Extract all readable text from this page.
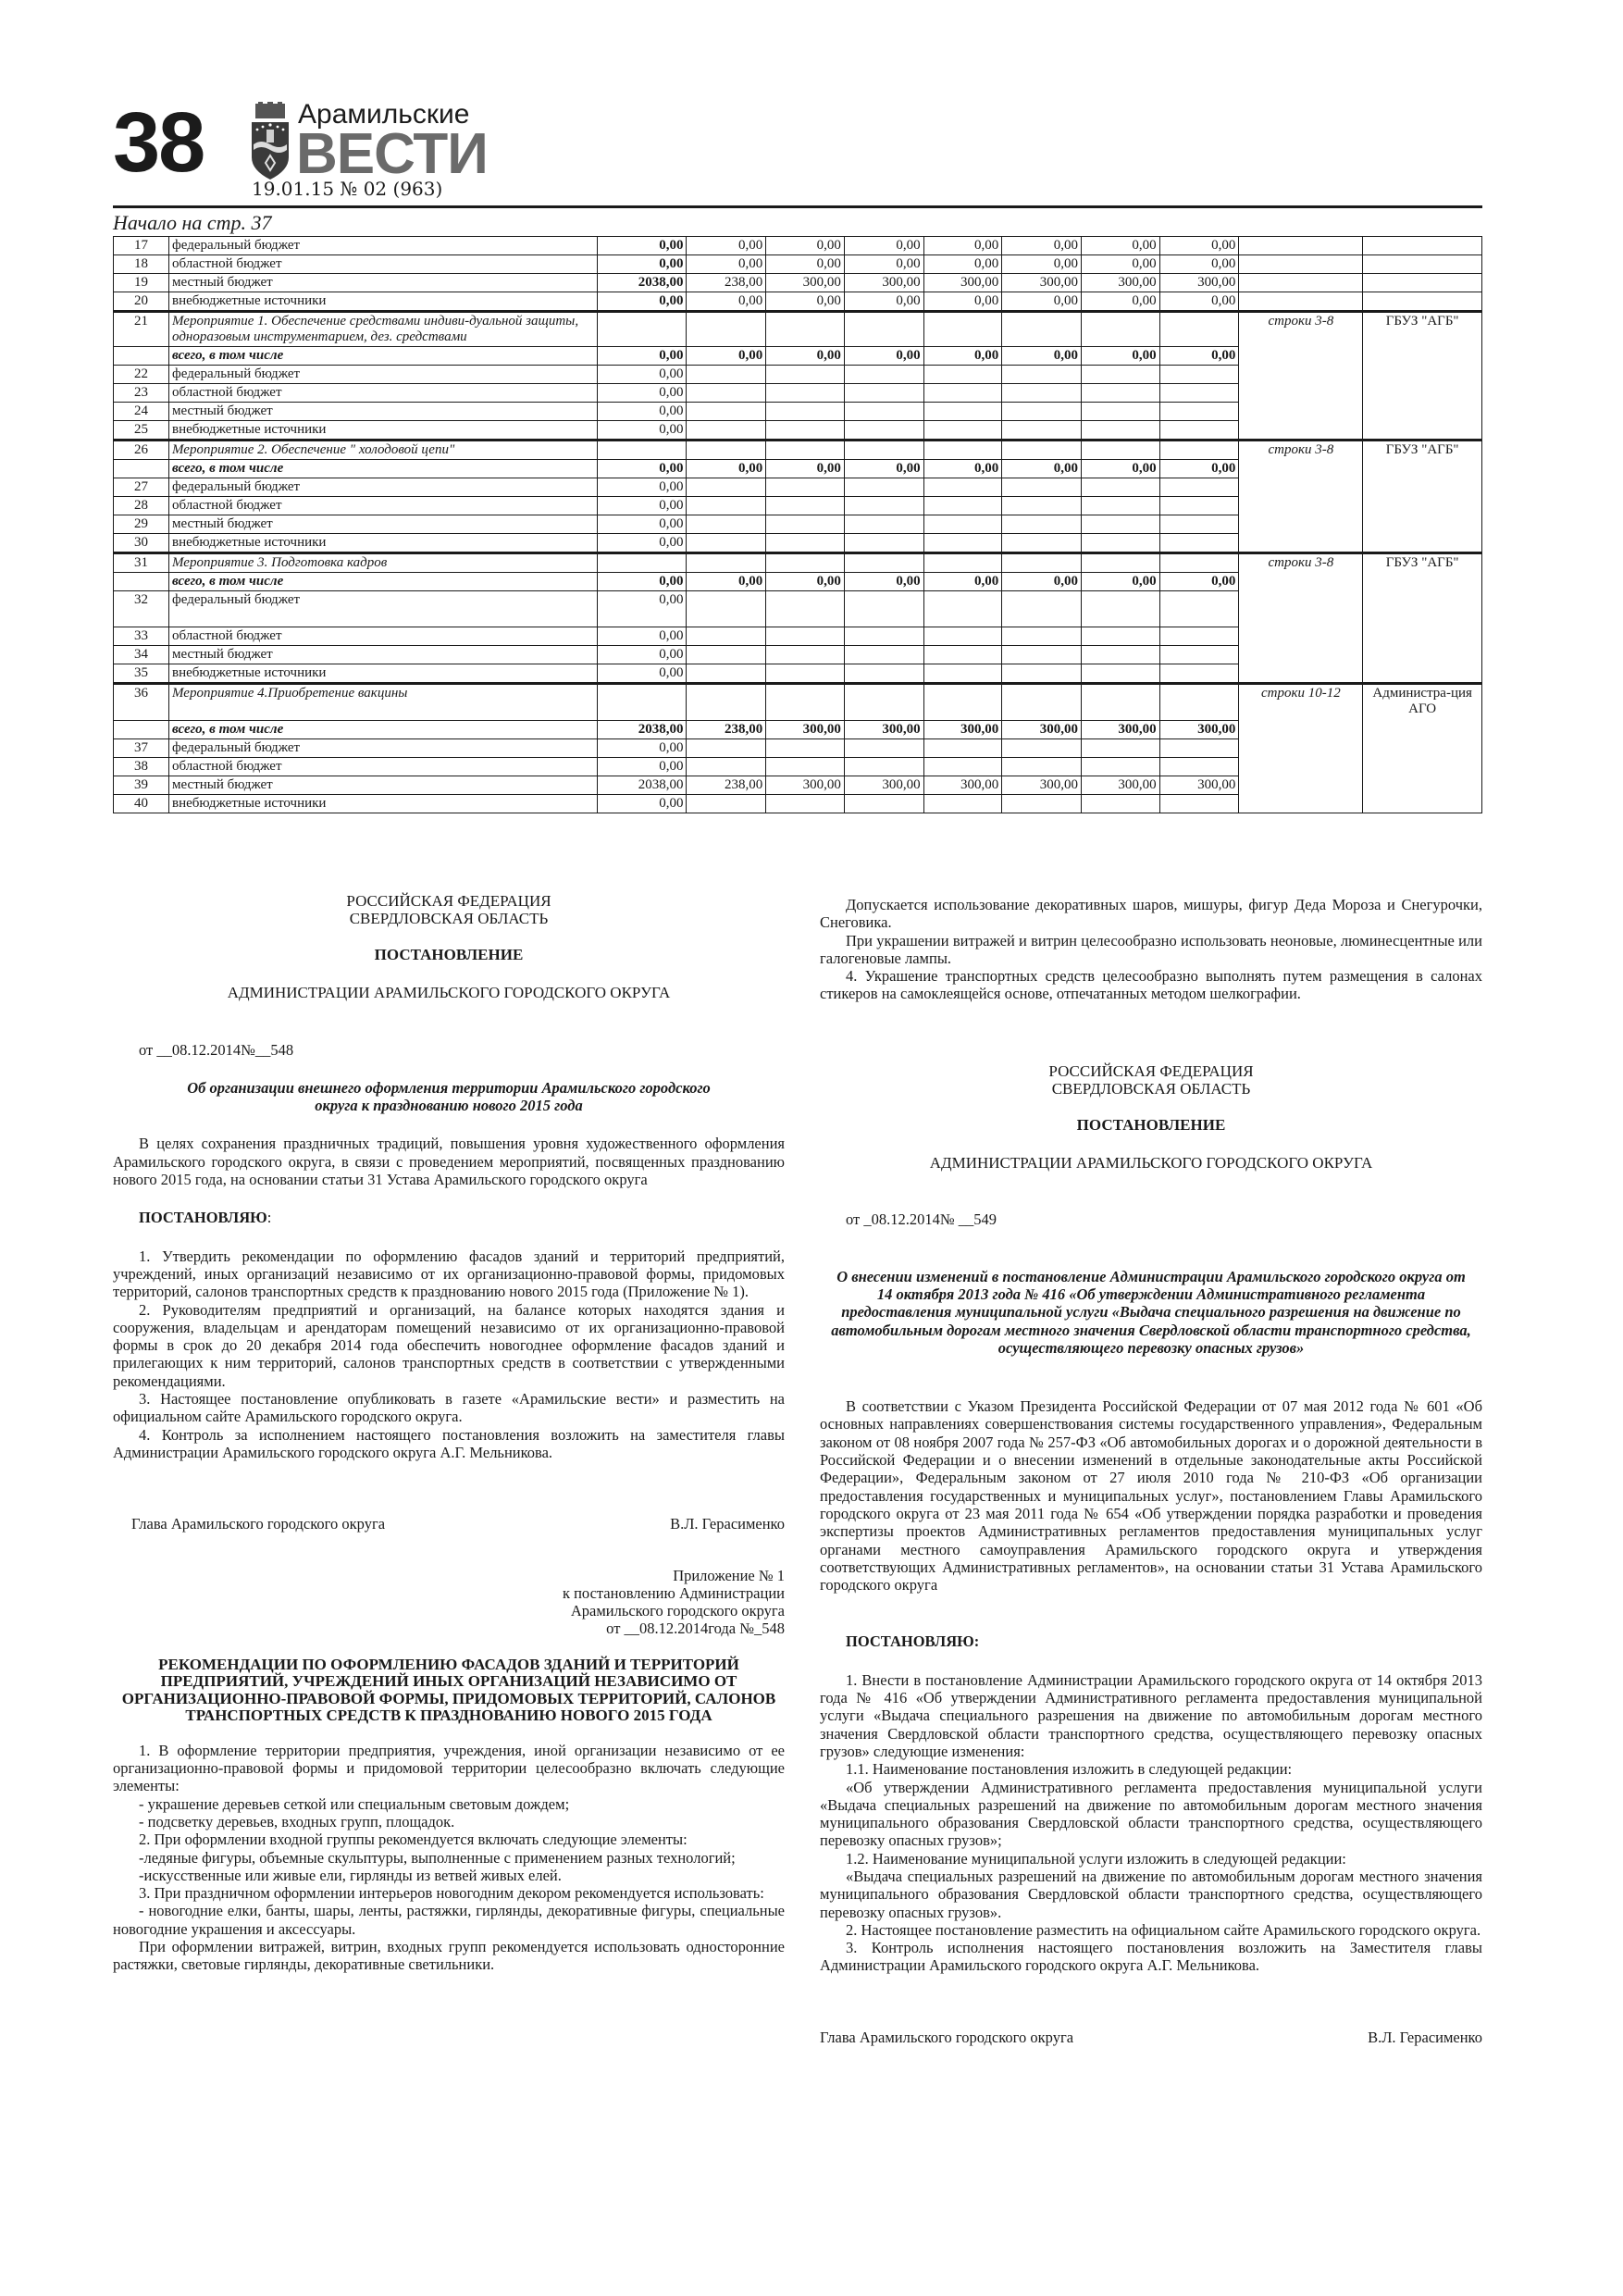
38	Арамильские
ВЕСТИ
19.01.15 № 02 (963)
Начало на стр. 37
17	федеральный бюджет	0,00	0,00	0,00	0,00	0,00	0,00	0,00	0,00		
18	областной бюджет	0,00	0,00	0,00	0,00	0,00	0,00	0,00	0,00		
19	местный бюджет	2038,00	238,00	300,00	300,00	300,00	300,00	300,00	300,00		
20	внебюджетные источники	0,00	0,00	0,00	0,00	0,00	0,00	0,00	0,00		
21	Мероприятие 1. Обеспечение средствами индиви-дуальной защиты, одноразовым инструментарием, дез. средствами									строки 3-8	ГБУЗ "АГБ"
	всего, в том числе	0,00	0,00	0,00	0,00	0,00	0,00	0,00	0,00		
22	федеральный бюджет	0,00									
23	областной бюджет	0,00									
24	местный бюджет	0,00									
25	внебюджетные источники	0,00									
26	Мероприятие 2. Обеспечение " холодовой цепи"									строки 3-8	ГБУЗ "АГБ"
	всего, в том числе	0,00	0,00	0,00	0,00	0,00	0,00	0,00	0,00		
27	федеральный бюджет	0,00									
28	областной бюджет	0,00									
29	местный бюджет	0,00									
30	внебюджетные источники	0,00									
31	Мероприятие 3. Подготовка кадров									строки 3-8	ГБУЗ "АГБ"
	всего, в том числе	0,00	0,00	0,00	0,00	0,00	0,00	0,00	0,00		
32	федеральный бюджет	0,00									
33	областной бюджет	0,00									
34	местный бюджет	0,00									
35	внебюджетные источники	0,00									
36	Мероприятие 4.Приобретение вакцины									строки 10-12	Администра-ция АГО
	всего, в том числе	2038,00	238,00	300,00	300,00	300,00	300,00	300,00	300,00		
37	федеральный бюджет	0,00									
38	областной бюджет	0,00									
39	местный бюджет	2038,00	238,00	300,00	300,00	300,00	300,00	300,00	300,00		
40	внебюджетные источники	0,00									

РОССИЙСКАЯ ФЕДЕРАЦИЯ

СВЕРДЛОВСКАЯ ОБЛАСТЬ

ПОСТАНОВЛЕНИЕ

АДМИНИСТРАЦИИ АРАМИЛЬСКОГО ГОРОДСКОГО ОКРУГА

от __08.12.2014№__548

Об организации внешнего оформления территории Арамильского городского округа к празднованию нового 2015 года

В целях сохранения праздничных традиций, повышения уровня художественного оформления Арамильского городского округа, в связи с проведением мероприятий, посвященных празднованию нового 2015 года, на основании статьи 31 Устава Арамильского городского округа

ПОСТАНОВЛЯЮ:

1. Утвердить рекомендации по оформлению фасадов зданий и территорий предприятий, учреждений, иных организаций независимо от их организационно-правовой формы, придомовых территорий, салонов транспортных средств к празднованию нового 2015 года (Приложение № 1).

2. Руководителям предприятий и организаций, на балансе которых находятся здания и сооружения, владельцам и арендаторам помещений независимо от их организационно-правовой формы в срок до 20 декабря 2014 года обеспечить новогоднее оформление фасадов зданий и прилегающих к ним территорий, салонов транспортных средств в соответствии с утвержденными рекомендациями.

3. Настоящее постановление опубликовать в газете «Арамильские вести» и разместить на официальном сайте Арамильского городского округа.

4. Контроль за исполнением настоящего постановления возложить на заместителя главы Администрации Арамильского городского округа А.Г. Мельникова.

Глава Арамильского городского округа	В.Л. Герасименко
Приложение № 1
к постановлению Администрации
Арамильского городского округа
от __08.12.2014года №_548

РЕКОМЕНДАЦИИ ПО ОФОРМЛЕНИЮ ФАСАДОВ ЗДАНИЙ И ТЕРРИТОРИЙ ПРЕДПРИЯТИЙ, УЧРЕЖДЕНИЙ ИНЫХ ОРГАНИЗАЦИЙ НЕЗАВИСИМО ОТ ОРГАНИЗАЦИОННО-ПРАВОВОЙ ФОРМЫ, ПРИДОМОВЫХ ТЕРРИТОРИЙ, САЛОНОВ ТРАНСПОРТНЫХ СРЕДСТВ К ПРАЗДНОВАНИЮ НОВОГО 2015 ГОДА

1. В оформление территории предприятия, учреждения, иной организации независимо от ее организационно-правовой формы и придомовой территории целесообразно включать следующие элементы:

- украшение деревьев сеткой или специальным световым дождем;

- подсветку деревьев, входных групп, площадок.

2. При оформлении входной группы рекомендуется включать следующие элементы:

-ледяные фигуры, объемные скульптуры, выполненные с применением разных технологий;

-искусственные или живые ели, гирлянды из ветвей живых елей.

3. При праздничном оформлении интерьеров новогодним декором рекомендуется использовать:

- новогодние елки, банты, шары, ленты, растяжки, гирлянды, декоративные фигуры, специальные новогодние украшения и аксессуары.

При оформлении витражей, витрин, входных групп рекомендуется использовать односторонние растяжки, световые гирлянды, декоративные светильники.

Допускается использование декоративных шаров, мишуры, фигур Деда Мороза и Снегурочки, Снеговика.

При украшении витражей и витрин целесообразно использовать неоновые, люминесцентные или галогеновые лампы.

4. Украшение транспортных средств целесообразно выполнять путем размещения в салонах стикеров на самоклеящейся основе, отпечатанных методом шелкографии.

РОССИЙСКАЯ ФЕДЕРАЦИЯ

СВЕРДЛОВСКАЯ ОБЛАСТЬ

ПОСТАНОВЛЕНИЕ

АДМИНИСТРАЦИИ АРАМИЛЬСКОГО ГОРОДСКОГО ОКРУГА

от _08.12.2014№ __549

О внесении изменений в постановление Администрации Арамильского городского округа от 14 октября 2013 года № 416 «Об утверждении Административного регламента предоставления муниципальной услуги «Выдача специального разрешения на движение по автомобильным дорогам местного значения Свердловской области транспортного средства, осуществляющего перевозку опасных грузов»

В соответствии с Указом Президента Российской Федерации от 07 мая 2012 года № 601 «Об основных направлениях совершенствования системы государственного управления», Федеральным законом от 08 ноября 2007 года № 257-ФЗ «Об автомобильных дорогах и о дорожной деятельности в Российской Федерации и о внесении изменений в отдельные законодательные акты Российской Федерации», Федеральным законом от 27 июля 2010 года № 210-ФЗ «Об организации предоставления государственных и муниципальных услуг», постановлением Главы Арамильского городского округа от 23 мая 2011 года № 654 «Об утверждении порядка разработки и проведения экспертизы проектов Административных регламентов предоставления муниципальных услуг органами местного самоуправления Арамильского городского округа и утверждения соответствующих Административных регламентов», на основании статьи 31 Устава Арамильского городского округа

ПОСТАНОВЛЯЮ:

1. Внести в постановление Администрации Арамильского городского округа от 14 октября 2013 года № 416 «Об утверждении Административного регламента предоставления муниципальной услуги «Выдача специального разрешения на движение по автомобильным дорогам местного значения Свердловской области транспортного средства, осуществляющего перевозку опасных грузов» следующие изменения:

1.1. Наименование постановления изложить в следующей редакции:

«Об утверждении Административного регламента предоставления муниципальной услуги «Выдача специальных разрешений на движение по автомобильным дорогам местного значения муниципального образования Свердловской области транспортного средства, осуществляющего перевозку опасных грузов»;

1.2. Наименование муниципальной услуги изложить в следующей редакции:

«Выдача специальных разрешений на движение по автомобильным дорогам местного значения муниципального образования Свердловской области транспортного средства, осуществляющего перевозку опасных грузов».

2. Настоящее постановление разместить на официальном сайте Арамильского городского округа.

3. Контроль исполнения настоящего постановления возложить на Заместителя главы Администрации Арамильского городского округа А.Г. Мельникова.

Глава Арамильского городского округа	В.Л. Герасименко
